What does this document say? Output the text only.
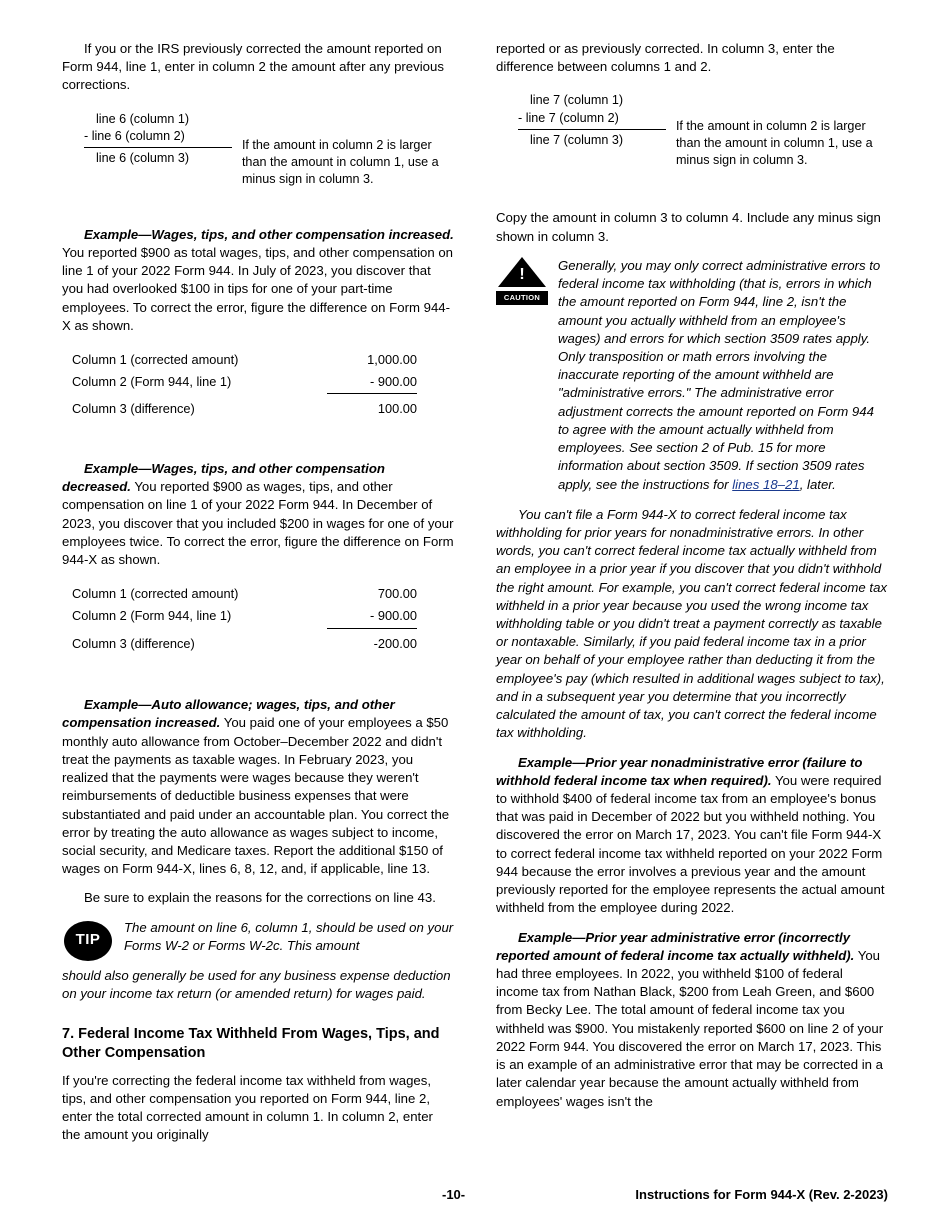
If you or the IRS previously corrected the amount reported on Form 944, line 1, enter in column 2 the amount after any previous corrections.

line 6 (column 1)
- line 6 (column 2)
line 6 (column 3)
If the amount in column 2 is larger than the amount in column 1, use a minus sign in column 3.

Example—Wages, tips, and other compensation increased. You reported $900 as total wages, tips, and other compensation on line 1 of your 2022 Form 944. In July of 2023, you discover that you had overlooked $100 in tips for one of your part-time employees. To correct the error, figure the difference on Form 944-X as shown.

Column 1 (corrected amount)	1,000.00
Column 2 (Form 944, line 1)	- 900.00
Column 3 (difference)	100.00

Example—Wages, tips, and other compensation decreased. You reported $900 as wages, tips, and other compensation on line 1 of your 2022 Form 944. In December of 2023, you discover that you included $200 in wages for one of your employees twice. To correct the error, figure the difference on Form 944-X as shown.

Column 1 (corrected amount)	700.00
Column 2 (Form 944, line 1)	- 900.00
Column 3 (difference)	-200.00

Example—Auto allowance; wages, tips, and other compensation increased. You paid one of your employees a $50 monthly auto allowance from October–December 2022 and didn't treat the payments as taxable wages. In February 2023, you realized that the payments were wages because they weren't reimbursements of deductible business expenses that were substantiated and paid under an accountable plan. You correct the error by treating the auto allowance as wages subject to income, social security, and Medicare taxes. Report the additional $150 of wages on Form 944-X, lines 6, 8, 12, and, if applicable, line 13.

Be sure to explain the reasons for the corrections on line 43.

TIP
The amount on line 6, column 1, should be used on your Forms W-2 or Forms W-2c. This amount
should also generally be used for any business expense deduction on your income tax return (or amended return) for wages paid.
7. Federal Income Tax Withheld From Wages, Tips, and Other Compensation

If you're correcting the federal income tax withheld from wages, tips, and other compensation you reported on Form 944, line 2, enter the total corrected amount in column 1. In column 2, enter the amount you originally

reported or as previously corrected. In column 3, enter the difference between columns 1 and 2.

line 7 (column 1)
- line 7 (column 2)
line 7 (column 3)
If the amount in column 2 is larger than the amount in column 1, use a minus sign in column 3.

Copy the amount in column 3 to column 4. Include any minus sign shown in column 3.

!
CAUTION
Generally, you may only correct administrative errors to federal income tax withholding (that is, errors in which the amount reported on Form 944, line 2, isn't the amount you actually withheld from an employee's wages) and errors for which section 3509 rates apply. Only transposition or math errors involving the inaccurate reporting of the amount withheld are "administrative errors." The administrative error adjustment corrects the amount reported on Form 944 to agree with the amount actually withheld from employees. See section 2 of Pub. 15 for more information about section 3509. If section 3509 rates apply, see the instructions for lines 18–21, later.

You can't file a Form 944-X to correct federal income tax withholding for prior years for nonadministrative errors. In other words, you can't correct federal income tax actually withheld from an employee in a prior year if you discover that you didn't withhold the right amount. For example, you can't correct federal income tax withheld in a prior year because you used the wrong income tax withholding table or you didn't treat a payment correctly as taxable or nontaxable. Similarly, if you paid federal income tax in a prior year on behalf of your employee rather than deducting it from the employee's pay (which resulted in additional wages subject to tax), and in a subsequent year you determine that you incorrectly calculated the amount of tax, you can't correct the federal income tax withholding.

Example—Prior year nonadministrative error (failure to withhold federal income tax when required). You were required to withhold $400 of federal income tax from an employee's bonus that was paid in December of 2022 but you withheld nothing. You discovered the error on March 17, 2023. You can't file Form 944-X to correct federal income tax withheld reported on your 2022 Form 944 because the error involves a previous year and the amount previously reported for the employee represents the actual amount withheld from the employee during 2022.

Example—Prior year administrative error (incorrectly reported amount of federal income tax actually withheld). You had three employees. In 2022, you withheld $100 of federal income tax from Nathan Black, $200 from Leah Green, and $600 from Becky Lee. The total amount of federal income tax you withheld was $900. You mistakenly reported $600 on line 2 of your 2022 Form 944. You discovered the error on March 17, 2023. This is an example of an administrative error that may be corrected in a later calendar year because the amount actually withheld from employees' wages isn't the

-10-	Instructions for Form 944-X (Rev. 2-2023)
